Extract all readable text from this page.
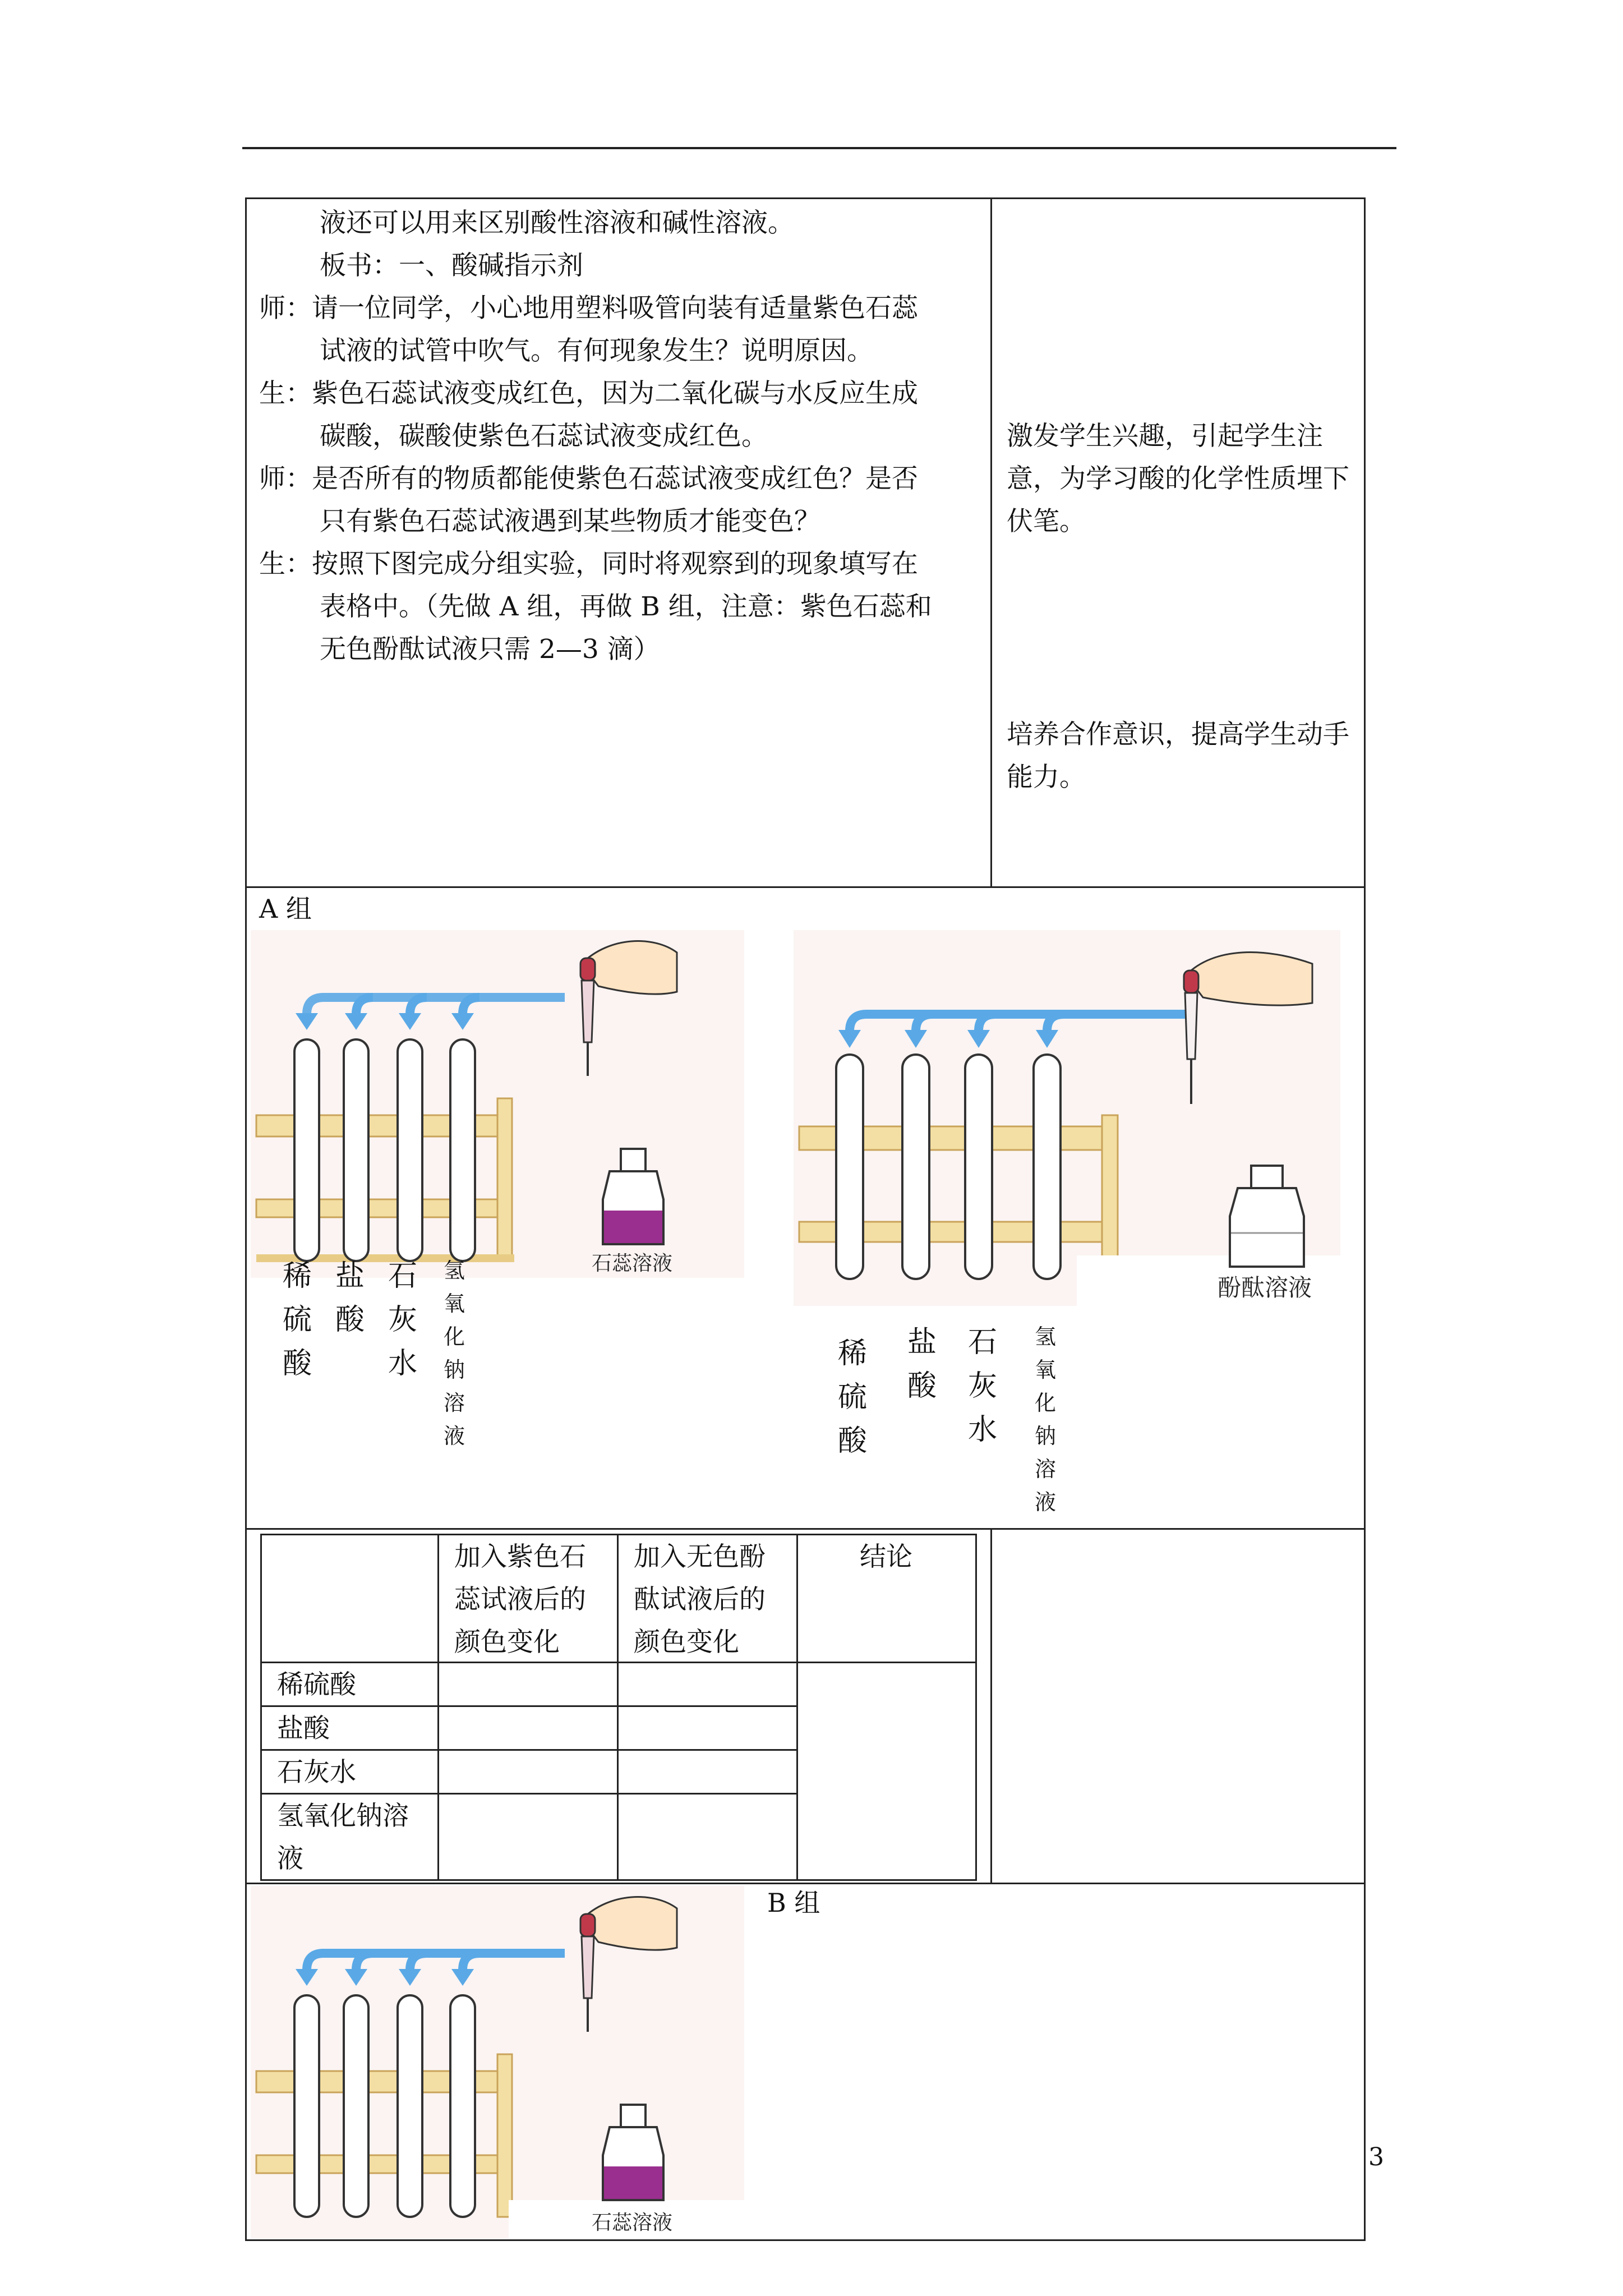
液还可以用来区别酸性溶液和碱性溶液。
板书：一、酸碱指示剂
师：请一位同学，小心地用塑料吸管向装有适量紫色石蕊
试液的试管中吹气。有何现象发生？说明原因。
生：紫色石蕊试液变成红色，因为二氧化碳与水反应生成
碳酸，碳酸使紫色石蕊试液变成红色。
师：是否所有的物质都能使紫色石蕊试液变成红色？是否
只有紫色石蕊试液遇到某些物质才能变色？
生：按照下图完成分组实验，同时将观察到的现象填写在
表格中。（先做 A 组，再做 B 组，注意：紫色石蕊和
无色酚酞试液只需 2—3 滴）
激发学生兴趣，引起学生注意，为学习酸的化学性质埋下伏笔。
培养合作意识，提高学生动手能力。
A 组
石蕊溶液
稀硫酸
盐酸
石灰水
氢氧化钠溶液
酚酞溶液
稀硫酸
盐酸
石灰水
氢氧化钠溶液
加入紫色石蕊试液后的颜色变化
加入无色酚酞试液后的颜色变化
结论
稀硫酸
盐酸
石灰水
氢氧化钠溶液
石蕊溶液
B 组
3
